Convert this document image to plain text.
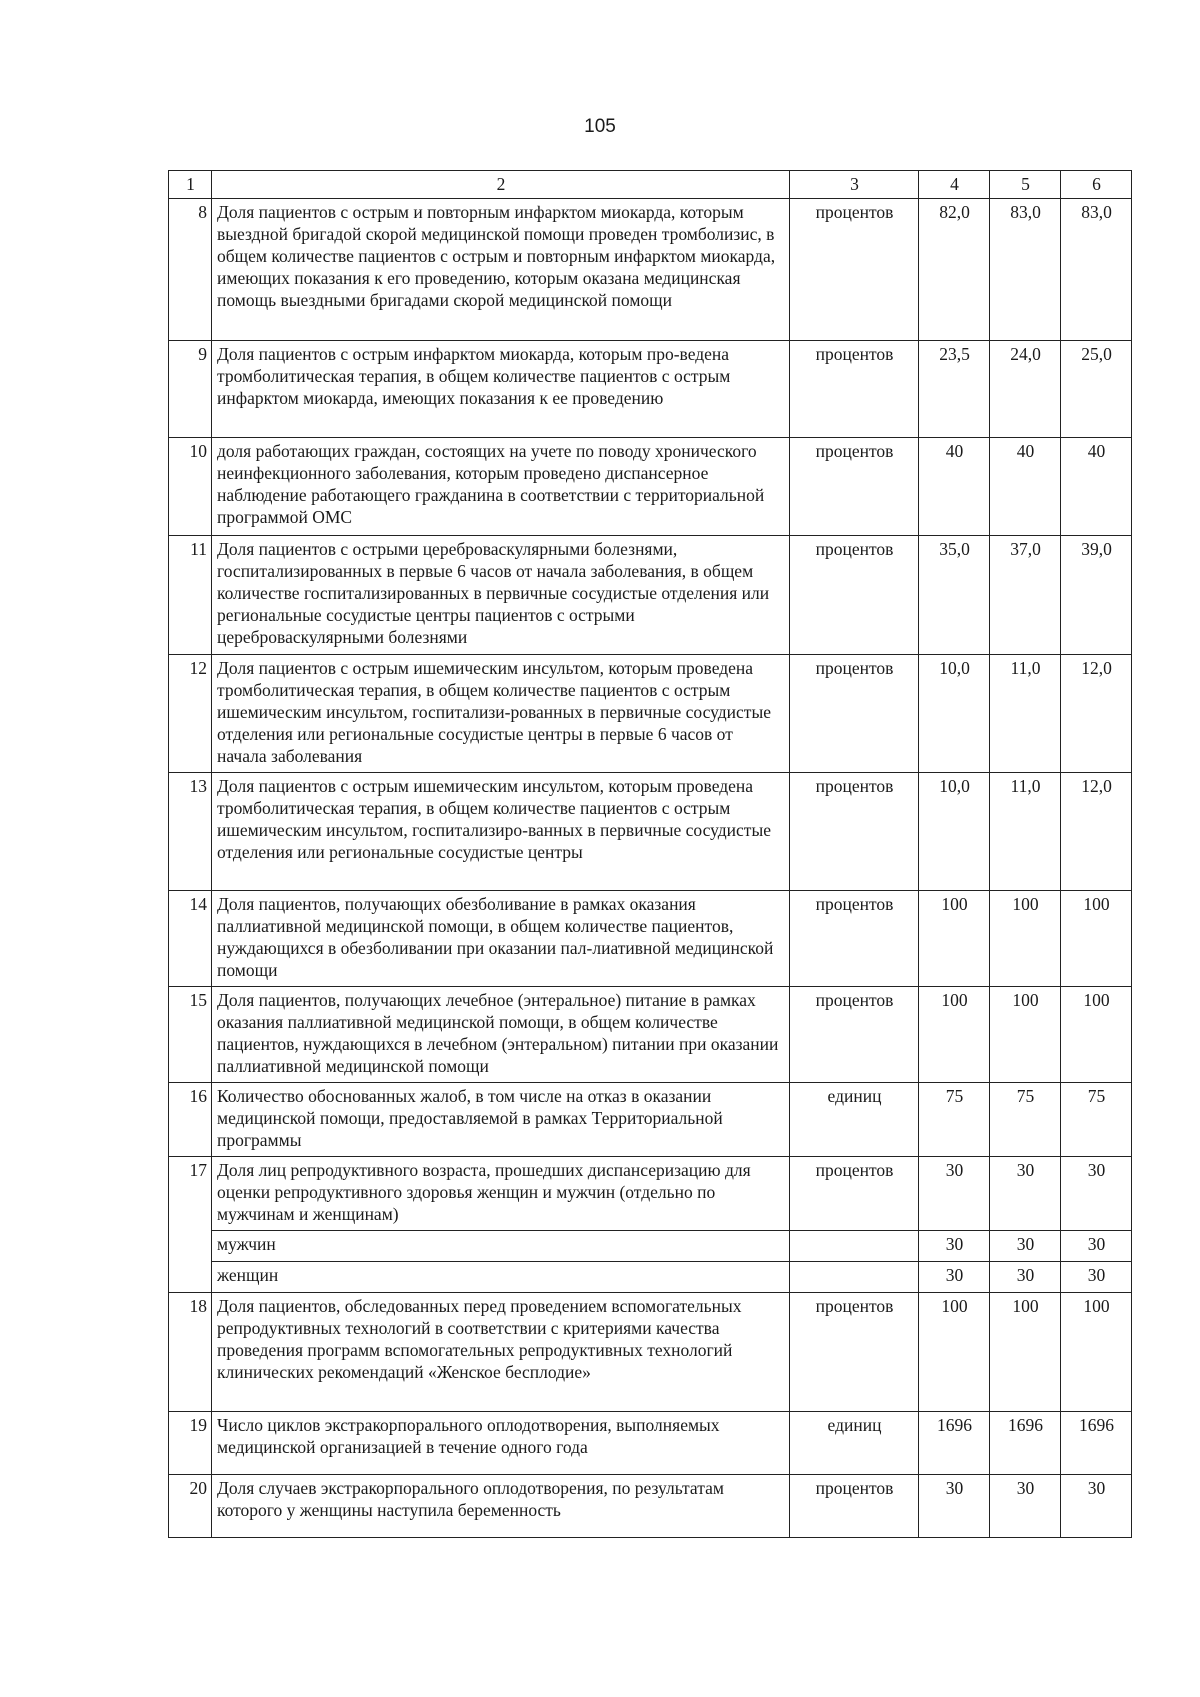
105
1	2	3	4	5	6
8	Доля пациентов с острым и повторным инфарктом миокарда, которым выездной бригадой скорой медицинской помощи проведен тромболизис, в общем количестве пациентов с острым и повторным инфарктом миокарда, имеющих показания к его проведению, которым оказана медицинская помощь выездными бригадами скорой медицинской помощи	процентов	82,0	83,0	83,0
9	Доля пациентов с острым инфарктом миокарда, которым про-ведена тромболитическая терапия, в общем количестве пациентов с острым инфарктом миокарда, имеющих показания к ее проведению	процентов	23,5	24,0	25,0
10	доля работающих граждан, состоящих на учете по поводу хронического неинфекционного заболевания, которым проведено диспансерное наблюдение работающего гражданина в соответствии с территориальной программой ОМС	процентов	40	40	40
11	Доля пациентов с острыми цереброваскулярными болезнями, госпитализированных в первые 6 часов от начала заболевания, в общем количестве госпитализированных в первичные сосудистые отделения или региональные сосудистые центры пациентов с острыми цереброваскулярными болезнями	процентов	35,0	37,0	39,0
12	Доля пациентов с острым ишемическим инсультом, которым проведена тромболитическая терапия, в общем количестве пациентов с острым ишемическим инсультом, госпитализи-рованных в первичные сосудистые отделения или региональные сосудистые центры в первые 6 часов от начала заболевания	процентов	10,0	11,0	12,0
13	Доля пациентов с острым ишемическим инсультом, которым проведена тромболитическая терапия, в общем количестве пациентов с острым ишемическим инсультом, госпитализиро-ванных в первичные сосудистые отделения или региональные сосудистые центры	процентов	10,0	11,0	12,0
14	Доля пациентов, получающих обезболивание в рамках оказания паллиативной медицинской помощи, в общем количестве пациентов, нуждающихся в обезболивании при оказании пал-лиативной медицинской помощи	процентов	100	100	100
15	Доля пациентов, получающих лечебное (энтеральное) питание в рамках оказания паллиативной медицинской помощи, в общем количестве пациентов, нуждающихся в лечебном (энтеральном) питании при оказании паллиативной медицинской помощи	процентов	100	100	100
16	Количество обоснованных жалоб, в том числе на отказ в оказании медицинской помощи, предоставляемой в рамках Территориальной программы	единиц	75	75	75
17	Доля лиц репродуктивного возраста, прошедших диспансеризацию для оценки репродуктивного здоровья женщин и мужчин (отдельно по мужчинам и женщинам)	процентов	30	30	30
	мужчин		30	30	30
	женщин		30	30	30
18	Доля пациентов, обследованных перед проведением вспомогательных репродуктивных технологий в соответствии с критериями качества проведения программ вспомогательных репродуктивных технологий клинических рекомендаций «Женское бесплодие»	процентов	100	100	100
19	Число циклов экстракорпорального оплодотворения, выполняемых медицинской организацией в течение одного года	единиц	1696	1696	1696
20	Доля случаев экстракорпорального оплодотворения, по результатам которого у женщины наступила беременность	процентов	30	30	30
